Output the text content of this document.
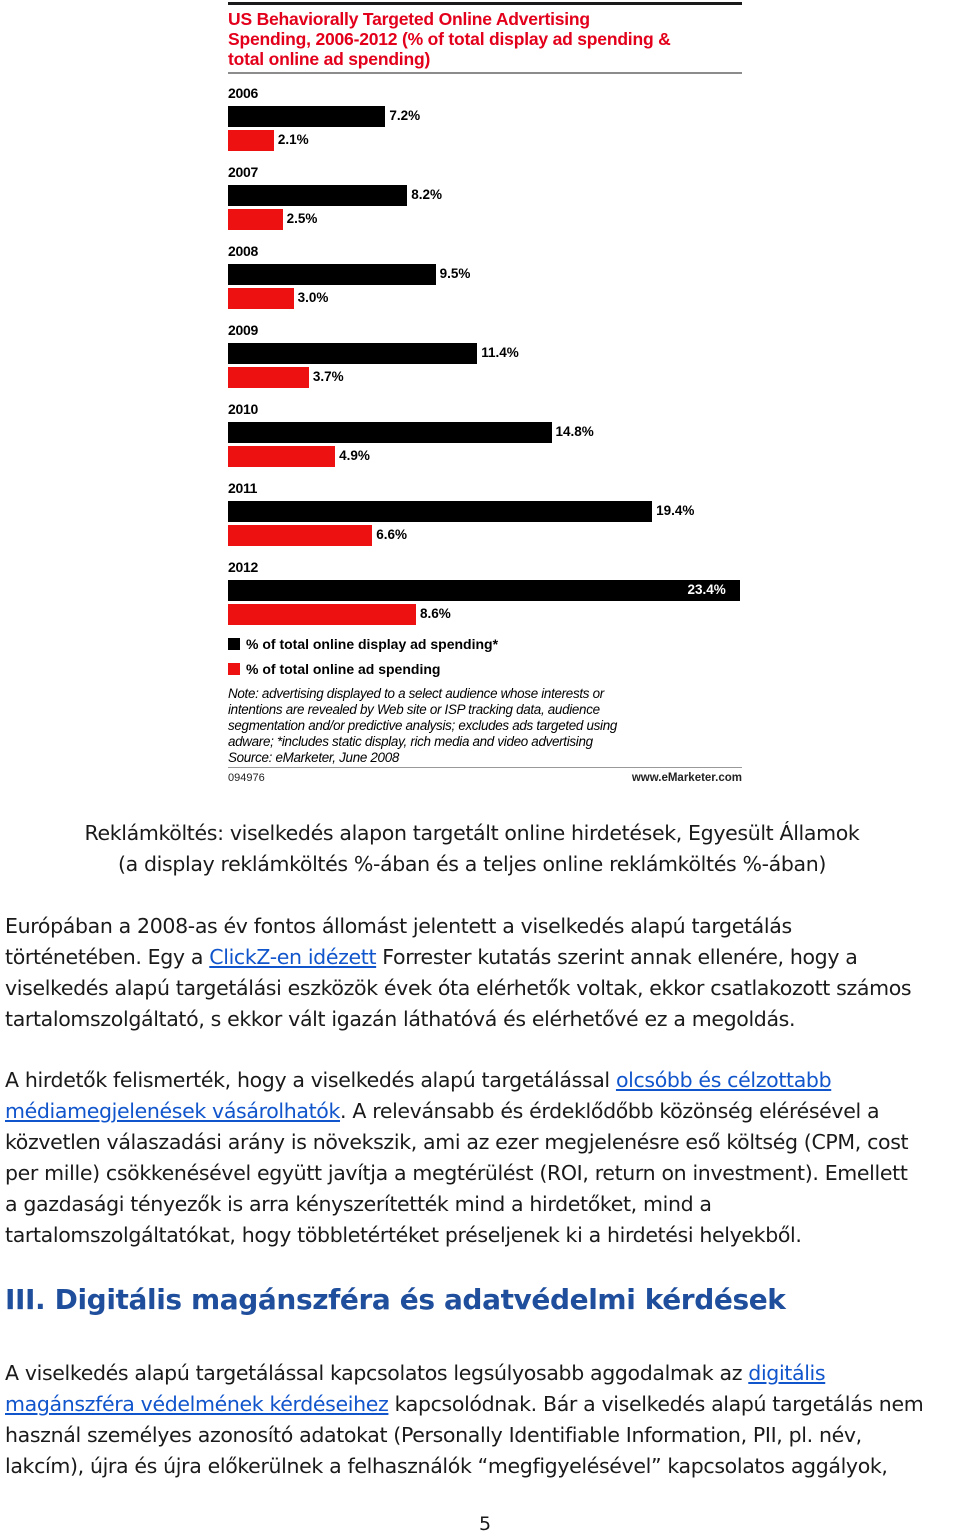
US Behaviorally Targeted Online Advertising
Spending, 2006-2012 (% of total display ad spending &
total online ad spending)
2006
7.2%
2.1%
2007
8.2%
2.5%
2008
9.5%
3.0%
2009
11.4%
3.7%
2010
14.8%
4.9%
2011
19.4%
6.6%
2012
23.4%
8.6%
% of total online display ad spending*
% of total online ad spending
Note: advertising displayed to a select audience whose interests or
intentions are revealed by Web site or ISP tracking data, audience
segmentation and/or predictive analysis; excludes ads targeted using
adware; *includes static display, rich media and video advertising
Source: eMarketer, June 2008
094976	www.eMarketer.com
Reklámköltés: viselkedés alapon targetált online hirdetések, Egyesült Államok
(a display reklámköltés %-ában és a teljes online reklámköltés %-ában)
Európában a 2008-as év fontos állomást jelentett a viselkedés alapú targetálás
történetében. Egy a ClickZ-en idézett Forrester kutatás szerint annak ellenére, hogy a
viselkedés alapú targetálási eszközök évek óta elérhetők voltak, ekkor csatlakozott számos
tartalomszolgáltató, s ekkor vált igazán láthatóvá és elérhetővé ez a megoldás.
A hirdetők felismerték, hogy a viselkedés alapú targetálással olcsóbb és célzottabb
médiamegjelenések vásárolhatók. A relevánsabb és érdeklődőbb közönség elérésével a
közvetlen válaszadási arány is növekszik, ami az ezer megjelenésre eső költség (CPM, cost
per mille) csökkenésével együtt javítja a megtérülést (ROI, return on investment). Emellett
a gazdasági tényezők is arra kényszerítették mind a hirdetőket, mind a
tartalomszolgáltatókat, hogy többletértéket préseljenek ki a hirdetési helyekből.
III. Digitális magánszféra és adatvédelmi kérdések
A viselkedés alapú targetálással kapcsolatos legsúlyosabb aggodalmak az digitális
magánszféra védelmének kérdéseihez kapcsolódnak. Bár a viselkedés alapú targetálás nem
használ személyes azonosító adatokat (Personally Identifiable Information, PII, pl. név,
lakcím), újra és újra előkerülnek a felhasználók “megfigyelésével” kapcsolatos aggályok,
5
